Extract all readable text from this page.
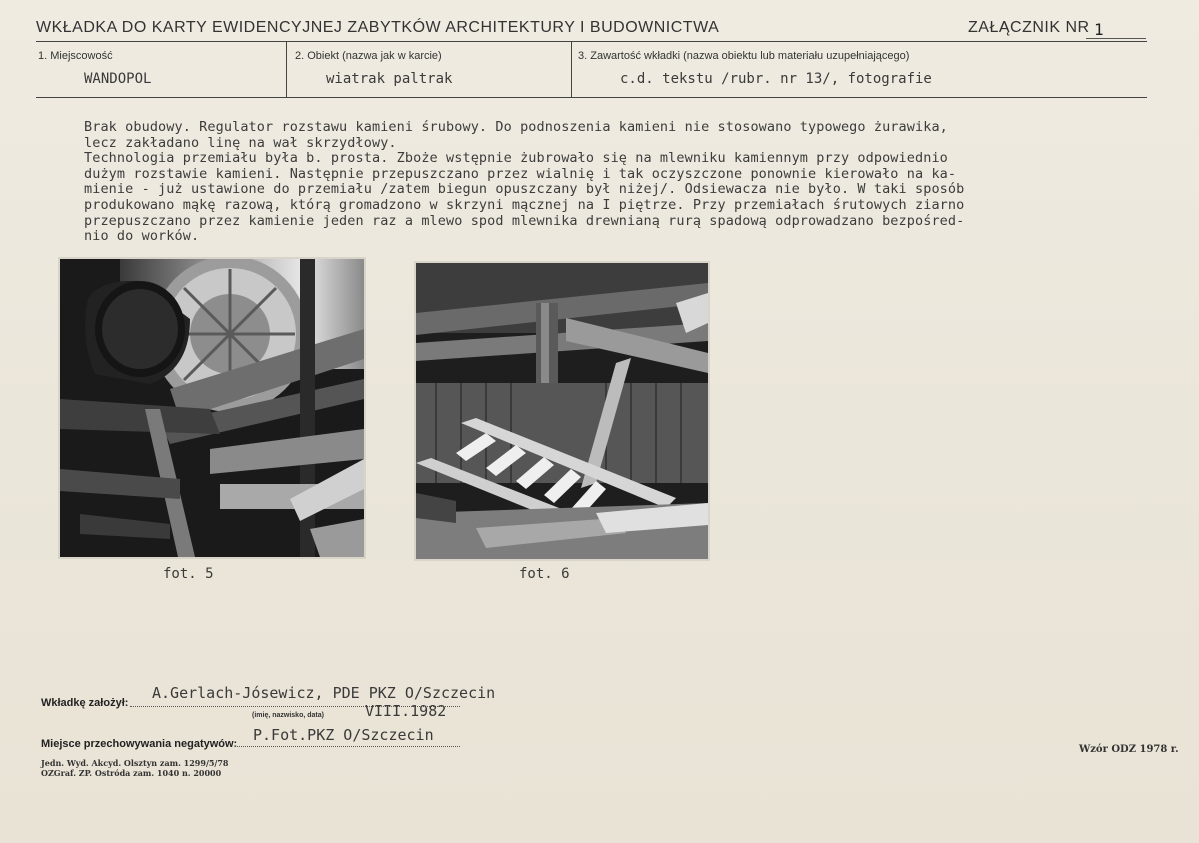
WKŁADKA DO KARTY EWIDENCYJNEJ ZABYTKÓW ARCHITEKTURY I BUDOWNICTWA	ZAŁĄCZNIK NR 1
1. Miejscowość	2. Obiekt (nazwa jak w karcie)	3. Zawartość wkładki (nazwa obiektu lub materiału uzupełniającego)
WANDOPOL	wiatrak paltrak	c.d. tekstu /rubr. nr 13/, fotografie
Brak obudowy. Regulator rozstawu kamieni śrubowy. Do podnoszenia kamieni nie stosowano typowego żurawika,
lecz zakładano linę na wał skrzydłowy.
Technologia przemiału była b. prosta. Zboże wstępnie żubrowało się na mlewniku kamiennym przy odpowiednio
dużym rozstawie kamieni. Następnie przepuszczano przez wialnię i tak oczyszczone ponownie kierowało na ka-
mienie - już ustawione do przemiału /zatem biegun opuszczany był niżej/. Odsiewacza nie było. W taki sposób
produkowano mąkę razową, którą gromadzono w skrzyni mącznej na I piętrze. Przy przemiałach śrutowych ziarno
przepuszczano przez kamienie jeden raz a mlewo spod mlewnika drewnianą rurą spadową odprowadzano bezpośred-
nio do worków.
fot. 5	fot. 6
Wkładkę założył:
A.Gerlach-Jósewicz, PDE PKZ O/Szczecin
(imię, nazwisko, data)	VIII.1982
Miejsce przechowywania negatywów: P.Fot.PKZ O/Szczecin
Jedn. Wyd. Akcyd. Olsztyn zam. 1299/5/78
OZGraf. ZP. Ostróda zam. 1040 n. 20000
Wzór ODZ 1978 r.
